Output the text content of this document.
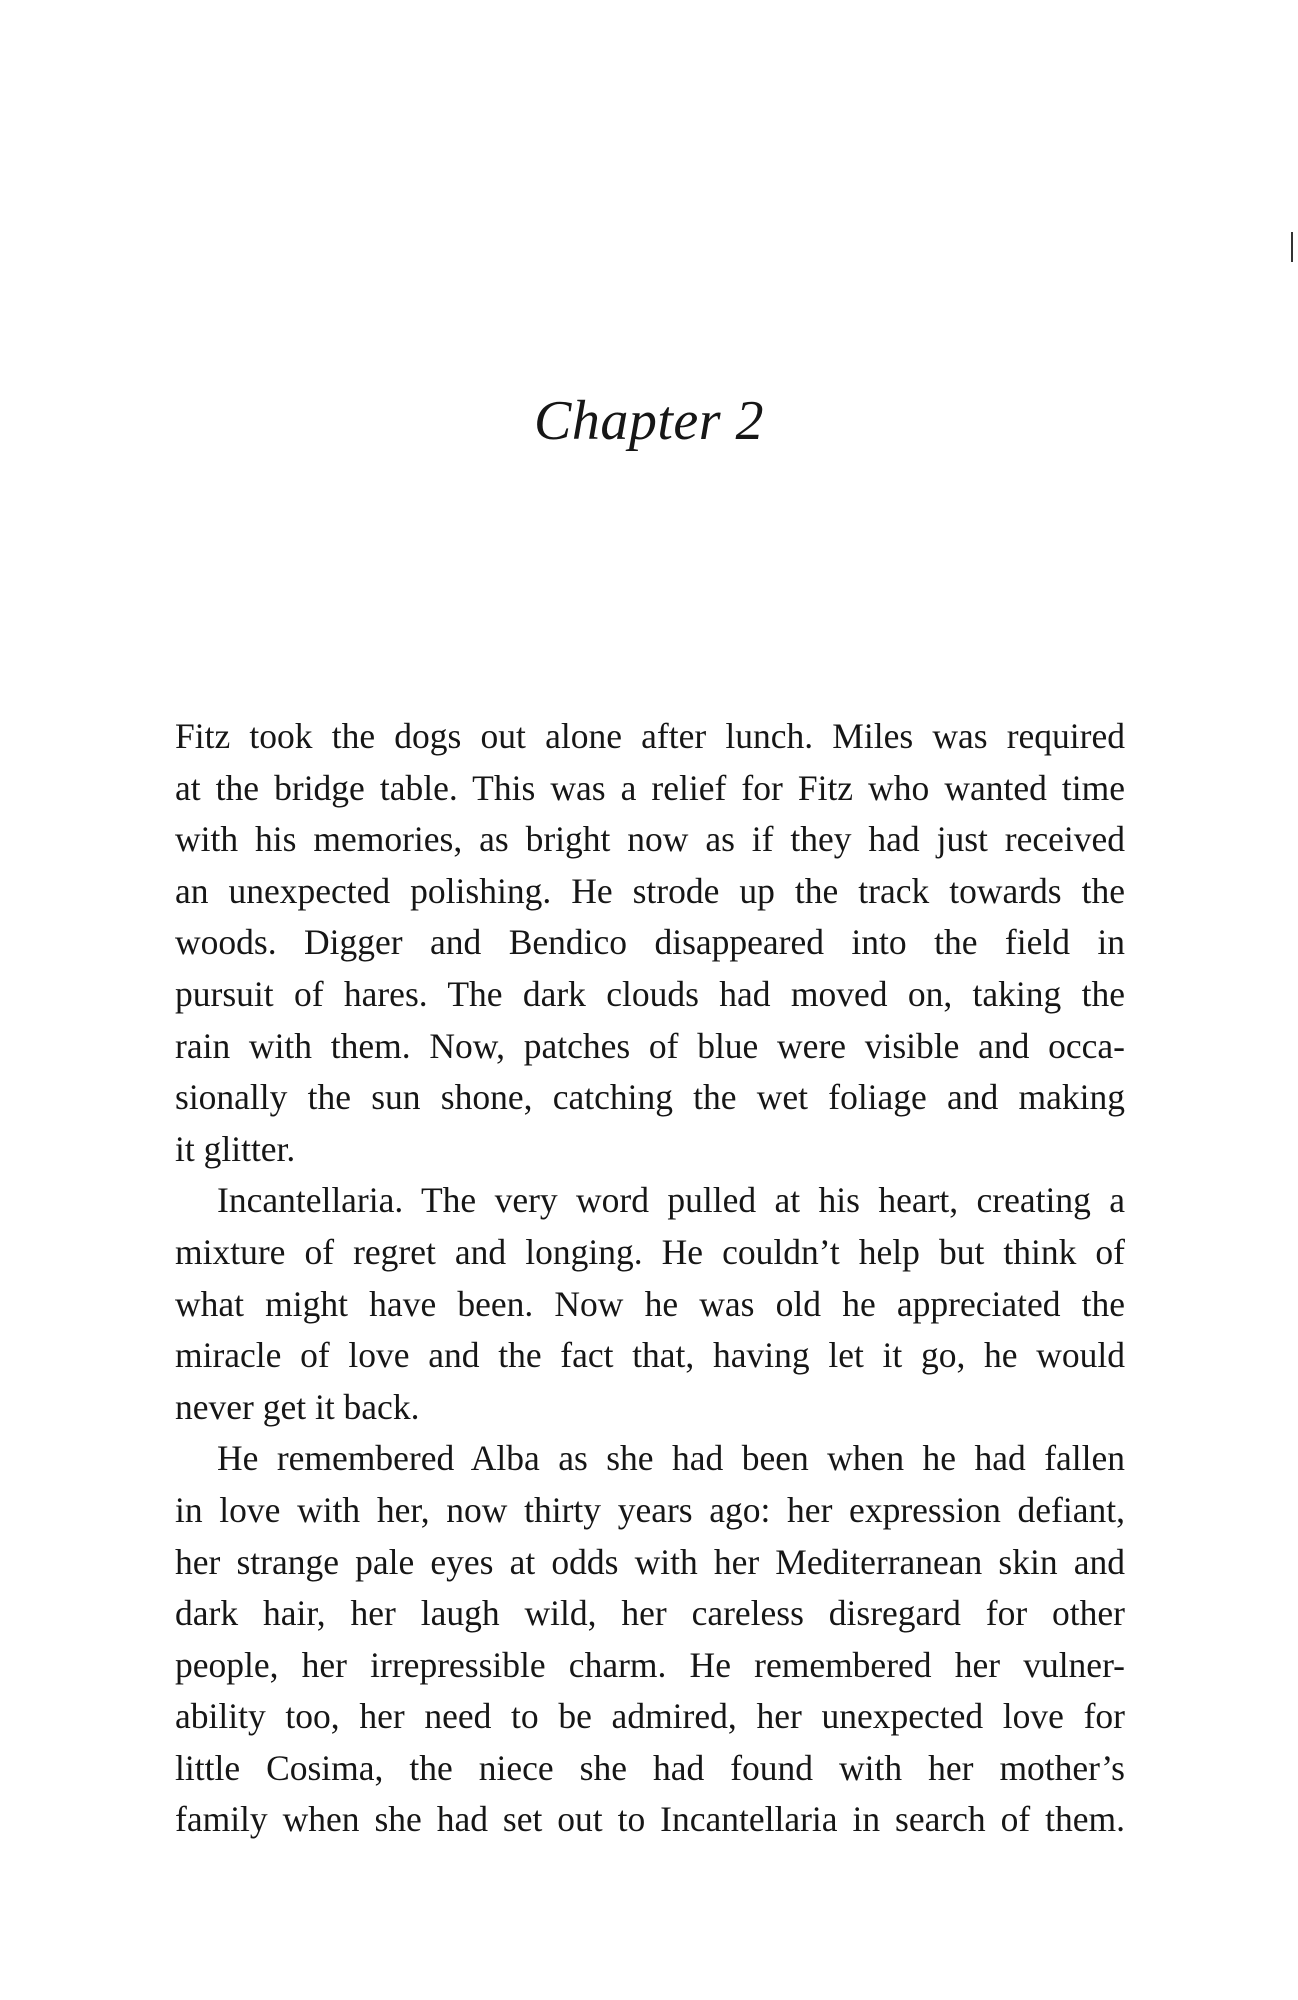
Chapter 2

Fitz took the dogs out alone after lunch. Miles was required
at the bridge table. This was a relief for Fitz who wanted time
with his memories, as bright now as if they had just received
an unexpected polishing. He strode up the track towards the
woods. Digger and Bendico disappeared into the field in
pursuit of hares. The dark clouds had moved on, taking the
rain with them. Now, patches of blue were visible and occa-
sionally the sun shone, catching the wet foliage and making
it glitter.

Incantellaria. The very word pulled at his heart, creating a
mixture of regret and longing. He couldn’t help but think of
what might have been. Now he was old he appreciated the
miracle of love and the fact that, having let it go, he would
never get it back.

He remembered Alba as she had been when he had fallen
in love with her, now thirty years ago: her expression defiant,
her strange pale eyes at odds with her Mediterranean skin and
dark hair, her laugh wild, her careless disregard for other
people, her irrepressible charm. He remembered her vulner-
ability too, her need to be admired, her unexpected love for
little Cosima, the niece she had found with her mother’s
family when she had set out to Incantellaria in search of them.
